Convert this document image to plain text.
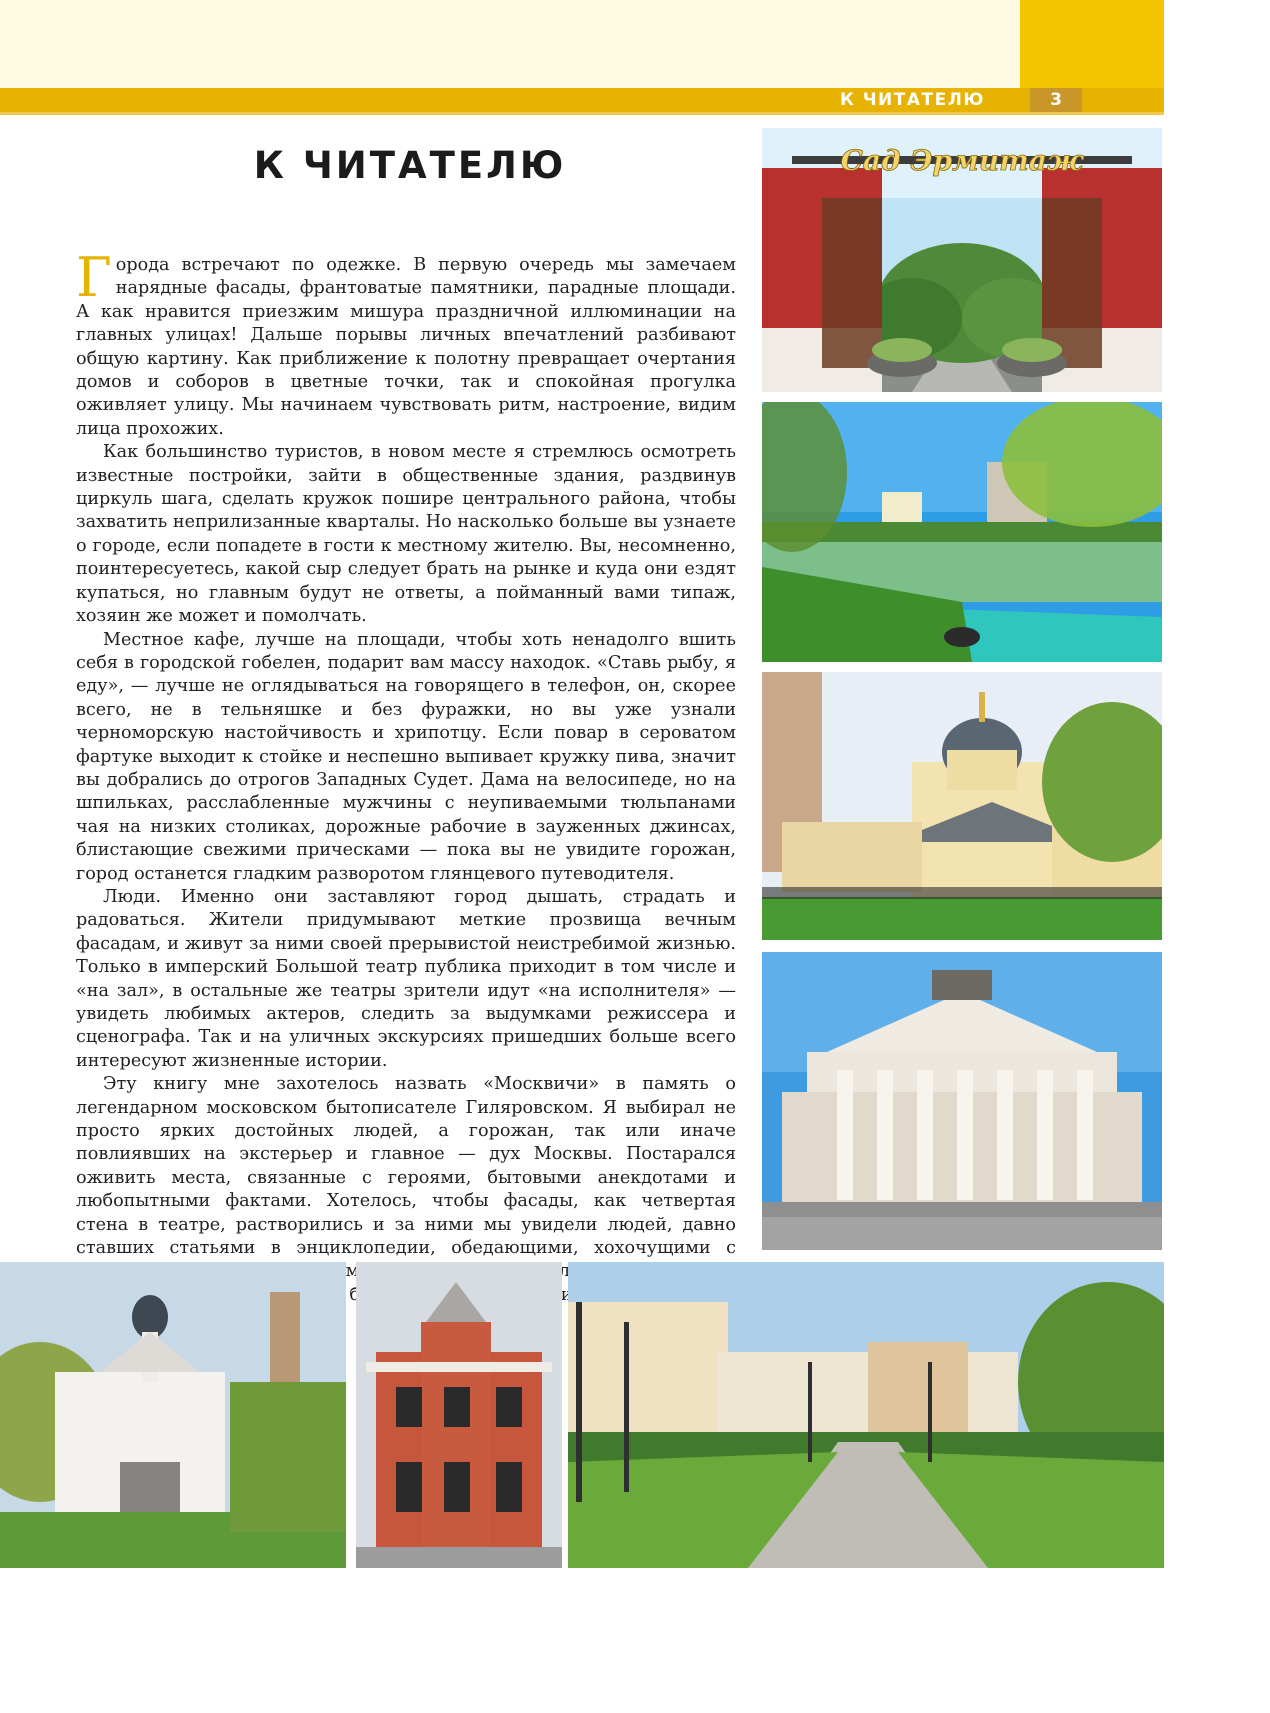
К ЧИТАТЕЛЮ	3
К ЧИТАТЕЛЮ

Города встречают по одежке. В первую очередь мы замечаем нарядные фасады, франтоватые памятники, парадные площади. А как нравится приезжим мишура праздничной иллюминации на главных улицах! Дальше порывы личных впечатлений разбивают общую картину. Как приближение к полотну превращает очертания домов и соборов в цветные точки, так и спокойная прогулка оживляет улицу. Мы начинаем чувствовать ритм, настроение, видим лица прохожих.

Как большинство туристов, в новом месте я стремлюсь осмотреть известные постройки, зайти в общественные здания, раздвинув циркуль шага, сделать кружок пошире центрального района, чтобы захватить неприлизанные кварталы. Но насколько больше вы узнаете о городе, если попадете в гости к местному жителю. Вы, несомненно, поинтересуетесь, какой сыр следует брать на рынке и куда они ездят купаться, но главным будут не ответы, а пойманный вами типаж, хозяин же может и помолчать.

Местное кафе, лучше на площади, чтобы хоть ненадолго вшить себя в городской гобелен, подарит вам массу находок. «Ставь рыбу, я еду», — лучше не оглядываться на говорящего в телефон, он, скорее всего, не в тельняшке и без фуражки, но вы уже узнали черноморскую настойчивость и хрипотцу. Если повар в сероватом фартуке выходит к стойке и неспешно выпивает кружку пива, значит вы добрались до отрогов Западных Судет. Дама на велосипеде, но на шпильках, расслабленные мужчины с неупиваемыми тюльпанами чая на низких столиках, дорожные рабочие в зауженных джинсах, блистающие свежими прическами — пока вы не увидите горожан, город останется гладким разворотом глянцевого путеводителя.

Люди. Именно они заставляют город дышать, страдать и радоваться. Жители придумывают меткие прозвища вечным фасадам, и живут за ними своей прерывистой неистребимой жизнью. Только в имперский Большой театр публика приходит в том числе и «на зал», в остальные же театры зрители идут «на исполнителя» — увидеть любимых актеров, следить за выдумками режиссера и сценографа. Так и на уличных экскурсиях пришедших больше всего интересуют жизненные истории.

Эту книгу мне захотелось назвать «Москвичи» в память о легендарном московском бытописателе Гиляровском. Я выбирал не просто ярких достойных людей, а горожан, так или иначе повлиявших на экстерьер и главное — дух Москвы. Постарался оживить места, связанные с героями, бытовыми анекдотами и любопытными фактами. Хотелось, чтобы фасады, как четвертая стена в театре, растворились и за ними мы увидели людей, давно ставших статьями в энциклопедии, обедающими, хохочущими с

Сад Эрмитаж
